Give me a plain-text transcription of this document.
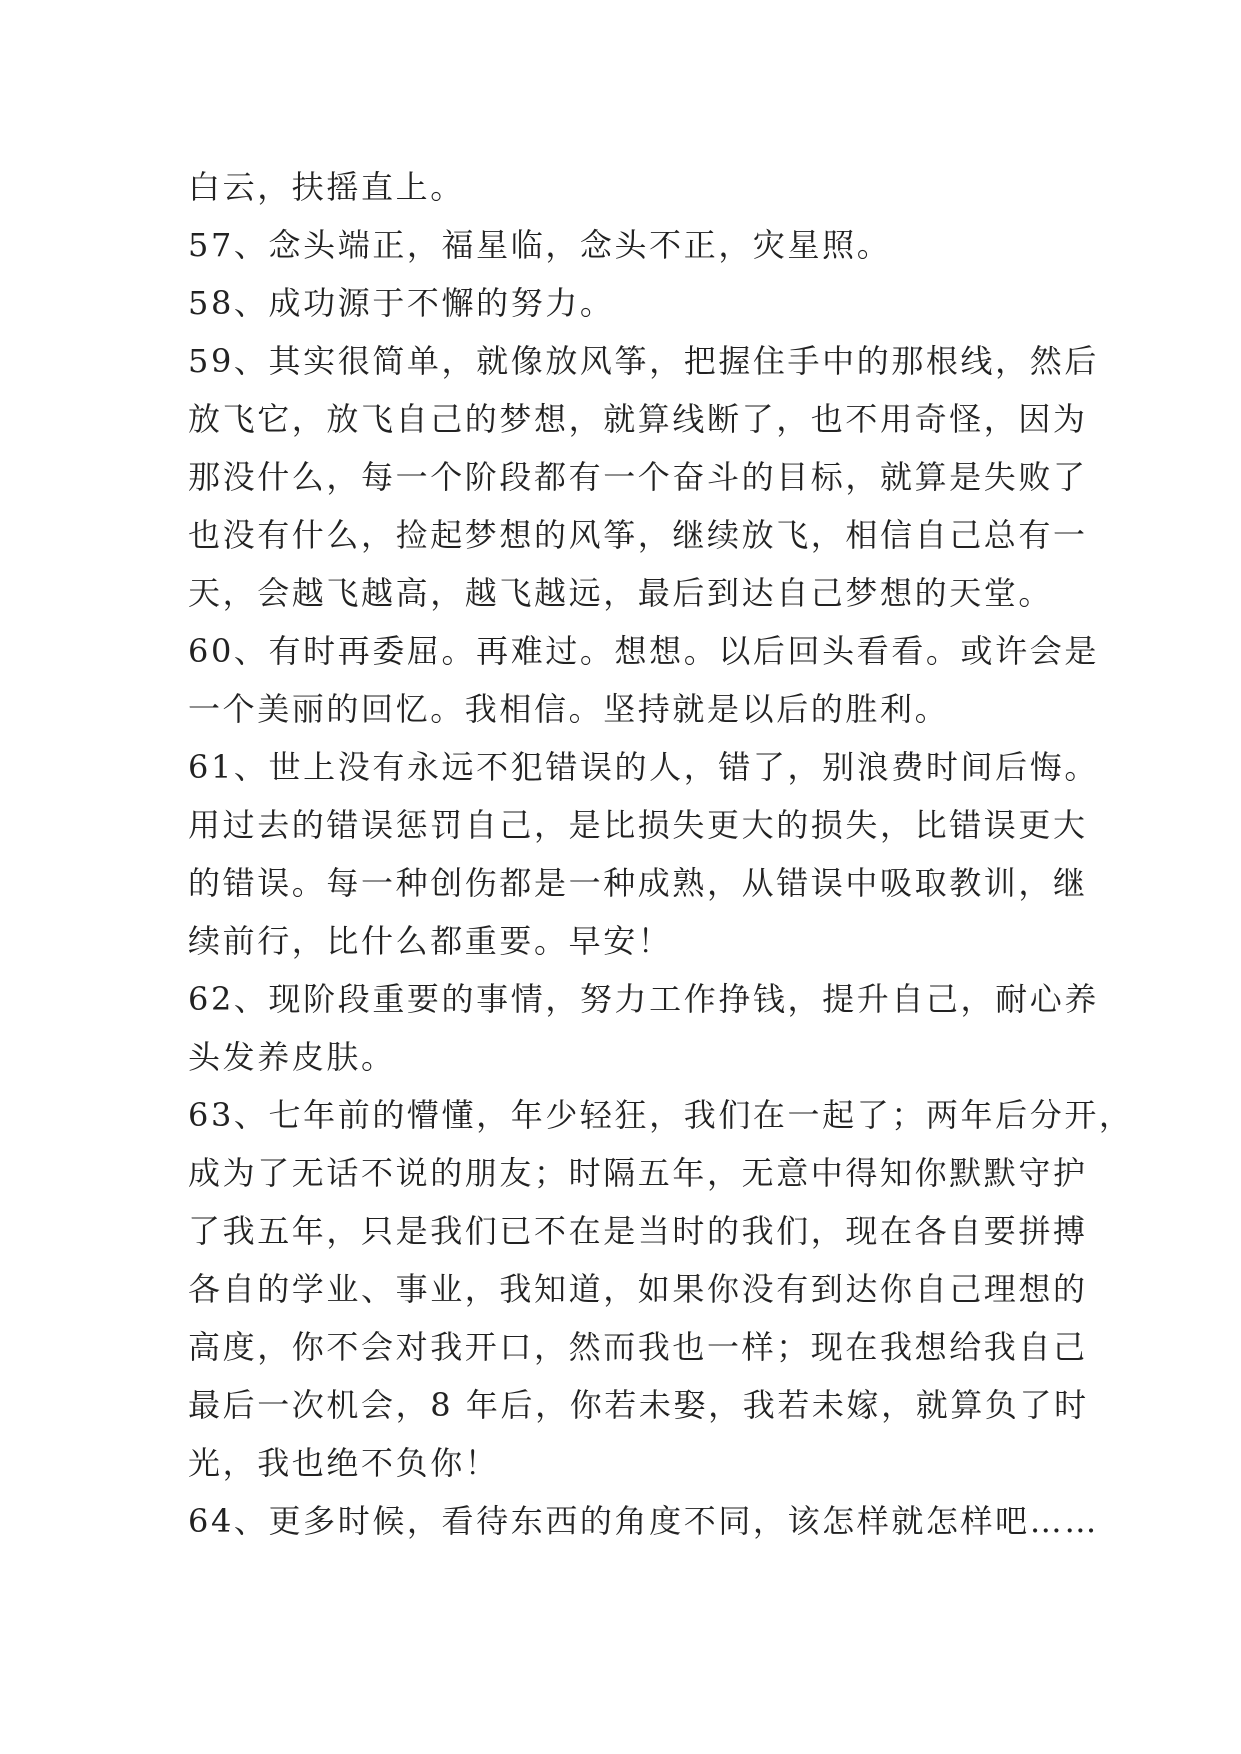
白云，扶摇直上。
57、念头端正，福星临，念头不正，灾星照。
58、成功源于不懈的努力。
59、其实很简单，就像放风筝，把握住手中的那根线，然后
放飞它，放飞自己的梦想，就算线断了，也不用奇怪，因为
那没什么，每一个阶段都有一个奋斗的目标，就算是失败了
也没有什么，捡起梦想的风筝，继续放飞，相信自己总有一
天，会越飞越高，越飞越远，最后到达自己梦想的天堂。
60、有时再委屈。再难过。想想。以后回头看看。或许会是
一个美丽的回忆。我相信。坚持就是以后的胜利。
61、世上没有永远不犯错误的人，错了，别浪费时间后悔。
用过去的错误惩罚自己，是比损失更大的损失，比错误更大
的错误。每一种创伤都是一种成熟，从错误中吸取教训，继
续前行，比什么都重要。早安！
62、现阶段重要的事情，努力工作挣钱，提升自己，耐心养
头发养皮肤。
63、七年前的懵懂，年少轻狂，我们在一起了；两年后分开，
成为了无话不说的朋友；时隔五年，无意中得知你默默守护
了我五年，只是我们已不在是当时的我们，现在各自要拼搏
各自的学业、事业，我知道，如果你没有到达你自己理想的
高度，你不会对我开口，然而我也一样；现在我想给我自己
最后一次机会，8 年后，你若未娶，我若未嫁，就算负了时
光，我也绝不负你！
64、更多时候，看待东西的角度不同，该怎样就怎样吧……
